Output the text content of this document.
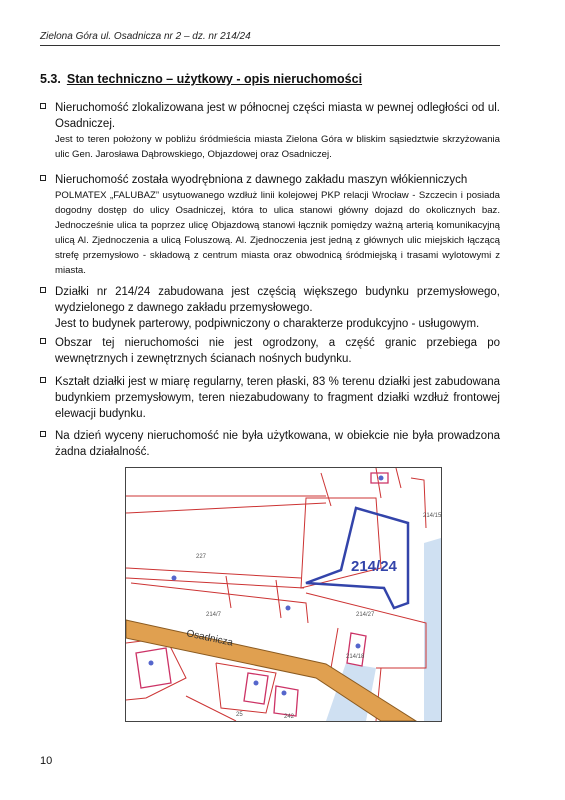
Zielona Góra ul. Osadnicza nr 2 – dz. nr 214/24
5.3. Stan techniczno – użytkowy - opis nieruchomości
Nieruchomość zlokalizowana jest w północnej części miasta w pewnej odległości od ul. Osadniczej.
Jest to teren położony w pobliżu śródmieścia miasta Zielona Góra w bliskim sąsiedztwie skrzyżowania ulic Gen. Jarosława Dąbrowskiego, Objazdowej oraz Osadniczej.
Nieruchomość została wyodrębniona z dawnego zakładu maszyn włókienniczych
POLMATEX „FALUBAZ” usytuowanego wzdłuż linii kolejowej PKP relacji Wrocław - Szczecin i posiada dogodny dostęp do ulicy Osadniczej, która to ulica stanowi główny dojazd do okolicznych baz. Jednocześnie ulica ta poprzez ulicę Objazdową stanowi łącznik pomiędzy ważną arterią komunikacyjną ulicą Al. Zjednoczenia a ulicą Foluszową. Al. Zjednoczenia jest jedną z głównych ulic miejskich łączącą strefę przemysłowo - składową z centrum miasta oraz obwodnicą śródmiejską i trasami wylotowymi z miasta.
Działki nr 214/24 zabudowana jest częścią większego budynku przemysłowego, wydzielonego z dawnego zakładu przemysłowego.
Jest to budynek parterowy, podpiwniczony o charakterze produkcyjno - usługowym.
Obszar tej nieruchomości nie jest ogrodzony, a część granic przebiega po wewnętrznych i zewnętrznych ścianach nośnych budynku.
Kształt działki jest w miarę regularny, teren płaski, 83 % terenu działki jest zabudowana budynkiem przemysłowym, teren niezabudowany to fragment działki wzdłuż frontowej elewacji budynku.
Na dzień wyceny nieruchomość nie była użytkowana, w obiekcie nie była prowadzona żadna działalność.
214/24
Osadnicza
227
214/7	214/27
214/18
214/15
242
25
10
